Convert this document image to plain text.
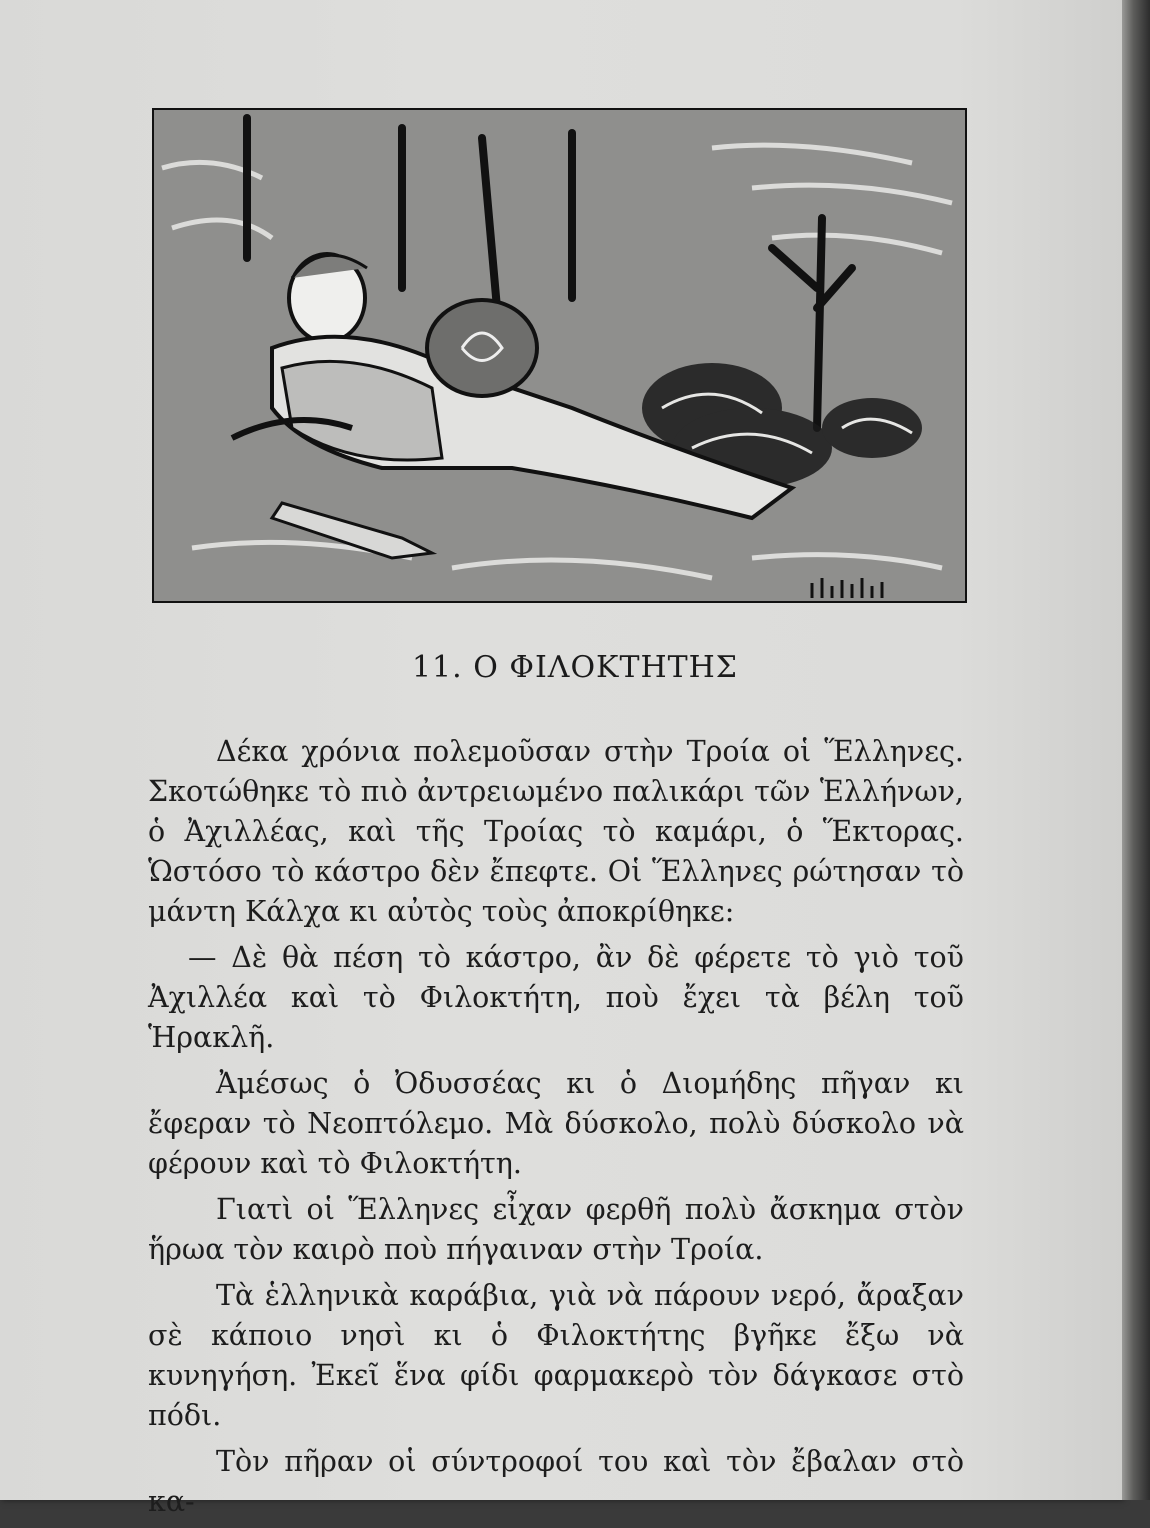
11. Ο ΦΙΛΟΚΤΗΤΗΣ

Δέκα χρόνια πολεμοῦσαν στὴν Τροία οἱ Ἕλληνες. Σκοτώθηκε τὸ πιὸ ἀντρειωμένο παλικάρι τῶν Ἑλλήνων, ὁ Ἀχιλλέας, καὶ τῆς Τροίας τὸ καμάρι, ὁ Ἕκτορας. Ὡστόσο τὸ κάστρο δὲν ἔπεφτε. Οἱ Ἕλληνες ρώτησαν τὸ μάντη Κάλχα κι αὐτὸς τοὺς ἀποκρίθηκε:

— Δὲ θὰ πέση τὸ κάστρο, ἂν δὲ φέρετε τὸ γιὸ τοῦ Ἀχιλλέα καὶ τὸ Φιλοκτήτη, ποὺ ἔχει τὰ βέλη τοῦ Ἡρακλῆ.

Ἀμέσως ὁ Ὀδυσσέας κι ὁ Διομήδης πῆγαν κι ἔφεραν τὸ Νεοπτόλεμο. Μὰ δύσκολο, πολὺ δύσκολο νὰ φέρουν καὶ τὸ Φιλοκτήτη.

Γιατὶ οἱ Ἕλληνες εἶχαν φερθῆ πολὺ ἄσκημα στὸν ἥρωα τὸν καιρὸ ποὺ πήγαιναν στὴν Τροία.

Τὰ ἑλληνικὰ καράβια, γιὰ νὰ πάρουν νερό, ἄραξαν σὲ κάποιο νησὶ κι ὁ Φιλοκτήτης βγῆκε ἔξω νὰ κυνηγήση. Ἐκεῖ ἕνα φίδι φαρμακερὸ τὸν δάγκασε στὸ πόδι.

Τὸν πῆραν οἱ σύντροφοί του καὶ τὸν ἔβαλαν στὸ κα-
